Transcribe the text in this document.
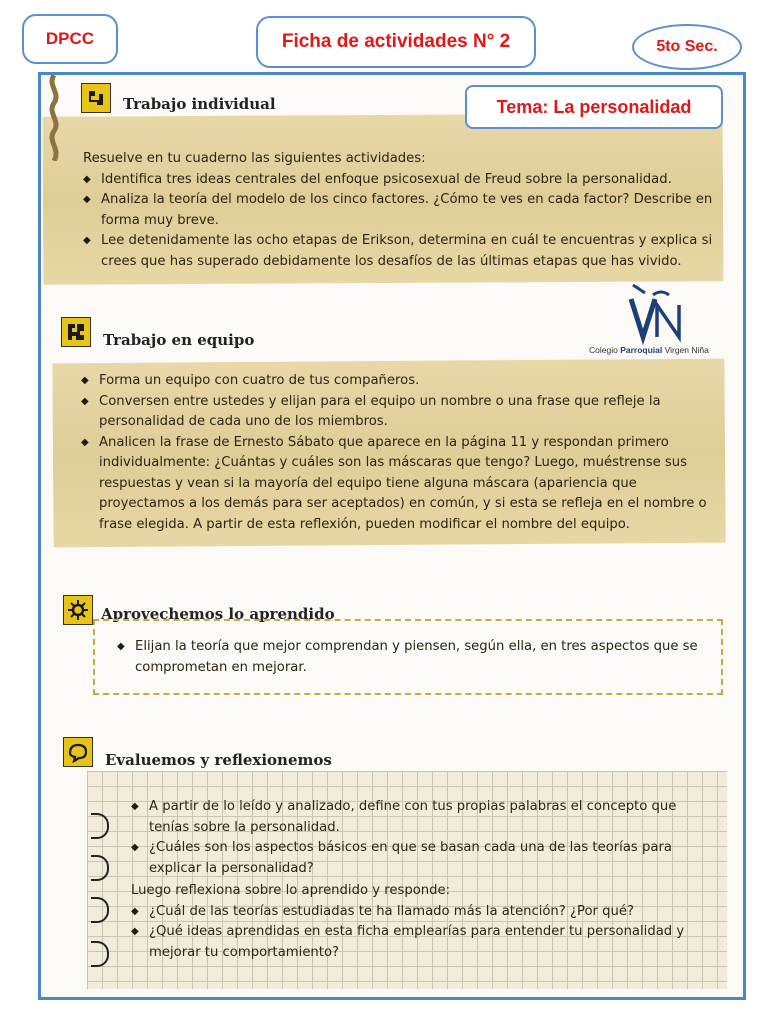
DPCC	Ficha de actividades N° 2	5to Sec.
Trabajo individual	Tema: La personalidad
Resuelve en tu cuaderno las siguientes actividades:
◆ Identifica tres ideas centrales del enfoque psicosexual de Freud sobre la personalidad.
◆ Analiza la teoría del modelo de los cinco factores. ¿Cómo te ves en cada factor? Describe en forma muy breve.
◆ Lee detenidamente las ocho etapas de Erikson, determina en cuál te encuentras y explica si crees que has superado debidamente los desafíos de las últimas etapas que has vivido.
Colegio Parroquial Virgen Niña
Trabajo en equipo
◆ Forma un equipo con cuatro de tus compañeros.
◆ Conversen entre ustedes y elijan para el equipo un nombre o una frase que refleje la personalidad de cada uno de los miembros.
◆ Analicen la frase de Ernesto Sábato que aparece en la página 11 y respondan primero individualmente: ¿Cuántas y cuáles son las máscaras que tengo? Luego, muéstrense sus respuestas y vean si la mayoría del equipo tiene alguna máscara (apariencia que proyectamos a los demás para ser aceptados) en común, y si esta se refleja en el nombre o frase elegida. A partir de esta reflexión, pueden modificar el nombre del equipo.
Aprovechemos lo aprendido
◆ Elijan la teoría que mejor comprendan y piensen, según ella, en tres aspectos que se comprometan en mejorar.
Evaluemos y reflexionemos
◆ A partir de lo leído y analizado, define con tus propias palabras el concepto que tenías sobre la personalidad.
◆ ¿Cuáles son los aspectos básicos en que se basan cada una de las teorías para explicar la personalidad?
Luego reflexiona sobre lo aprendido y responde:
◆ ¿Cuál de las teorías estudiadas te ha llamado más la atención? ¿Por qué?
◆ ¿Qué ideas aprendidas en esta ficha emplearías para entender tu personalidad y mejorar tu comportamiento?
